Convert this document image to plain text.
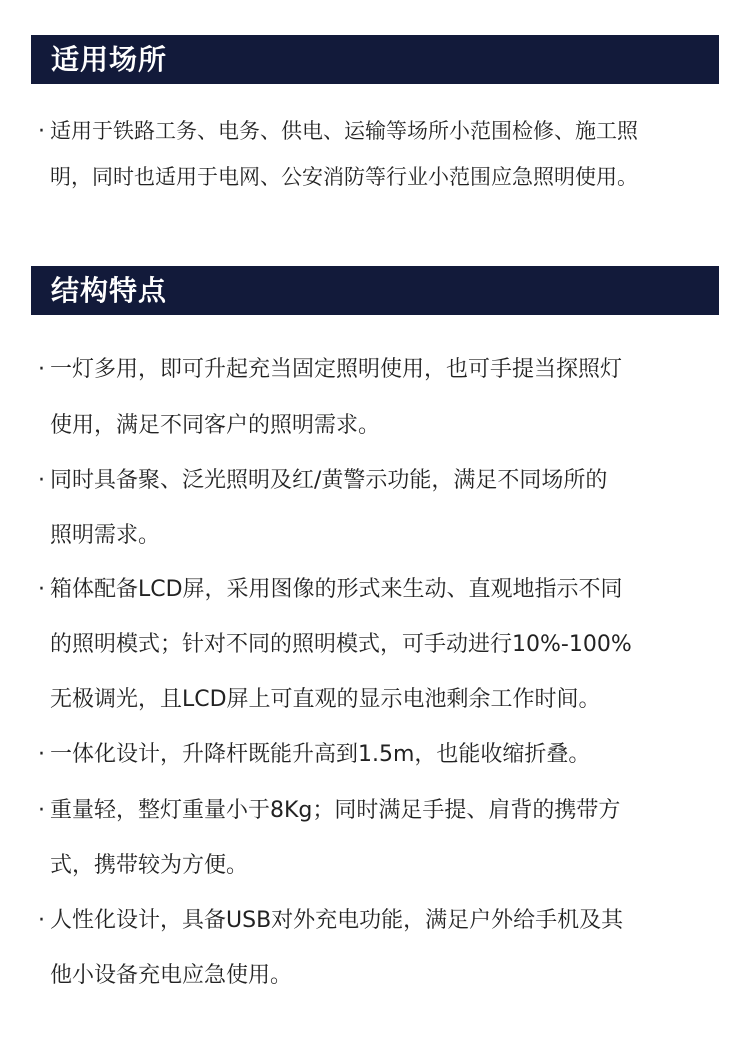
适用场所
· 适用于铁路工务、电务、供电、运输等场所小范围检修、施工照
明，同时也适用于电网、公安消防等行业小范围应急照明使用。
结构特点
· 一灯多用，即可升起充当固定照明使用，也可手提当探照灯
使用，满足不同客户的照明需求。
· 同时具备聚、泛光照明及红/黄警示功能，满足不同场所的
照明需求。
· 箱体配备LCD屏，采用图像的形式来生动、直观地指示不同
的照明模式；针对不同的照明模式，可手动进行10%-100%
无极调光，且LCD屏上可直观的显示电池剩余工作时间。
· 一体化设计，升降杆既能升高到1.5m，也能收缩折叠。
· 重量轻，整灯重量小于8Kg；同时满足手提、肩背的携带方
式，携带较为方便。
· 人性化设计，具备USB对外充电功能，满足户外给手机及其
他小设备充电应急使用。
